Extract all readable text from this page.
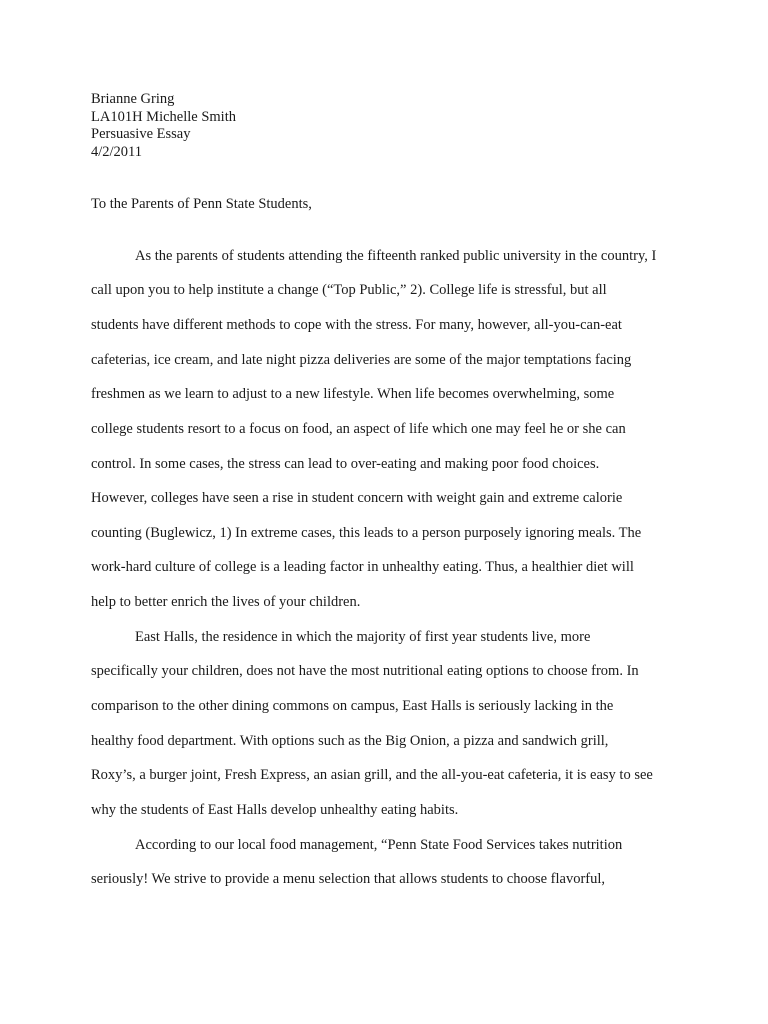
Brianne Gring
LA101H Michelle Smith
Persuasive Essay
4/2/2011
To the Parents of Penn State Students,
As the parents of students attending the fifteenth ranked public university in the country, I
call upon you to help institute a change (“Top Public,” 2). College life is stressful, but all
students have different methods to cope with the stress. For many, however, all-you-can-eat
cafeterias, ice cream, and late night pizza deliveries are some of the major temptations facing
freshmen as we learn to adjust to a new lifestyle. When life becomes overwhelming, some
college students resort to a focus on food, an aspect of life which one may feel he or she can
control. In some cases, the stress can lead to over-eating and making poor food choices.
However, colleges have seen a rise in student concern with weight gain and extreme calorie
counting (Buglewicz, 1) In extreme cases, this leads to a person purposely ignoring meals. The
work-hard culture of college is a leading factor in unhealthy eating. Thus, a healthier diet will
help to better enrich the lives of your children.
East Halls, the residence in which the majority of first year students live, more
specifically your children, does not have the most nutritional eating options to choose from. In
comparison to the other dining commons on campus, East Halls is seriously lacking in the
healthy food department. With options such as the Big Onion, a pizza and sandwich grill,
Roxy’s, a burger joint, Fresh Express, an asian grill, and the all-you-eat cafeteria, it is easy to see
why the students of East Halls develop unhealthy eating habits.
According to our local food management, “Penn State Food Services takes nutrition
seriously! We strive to provide a menu selection that allows students to choose flavorful,
